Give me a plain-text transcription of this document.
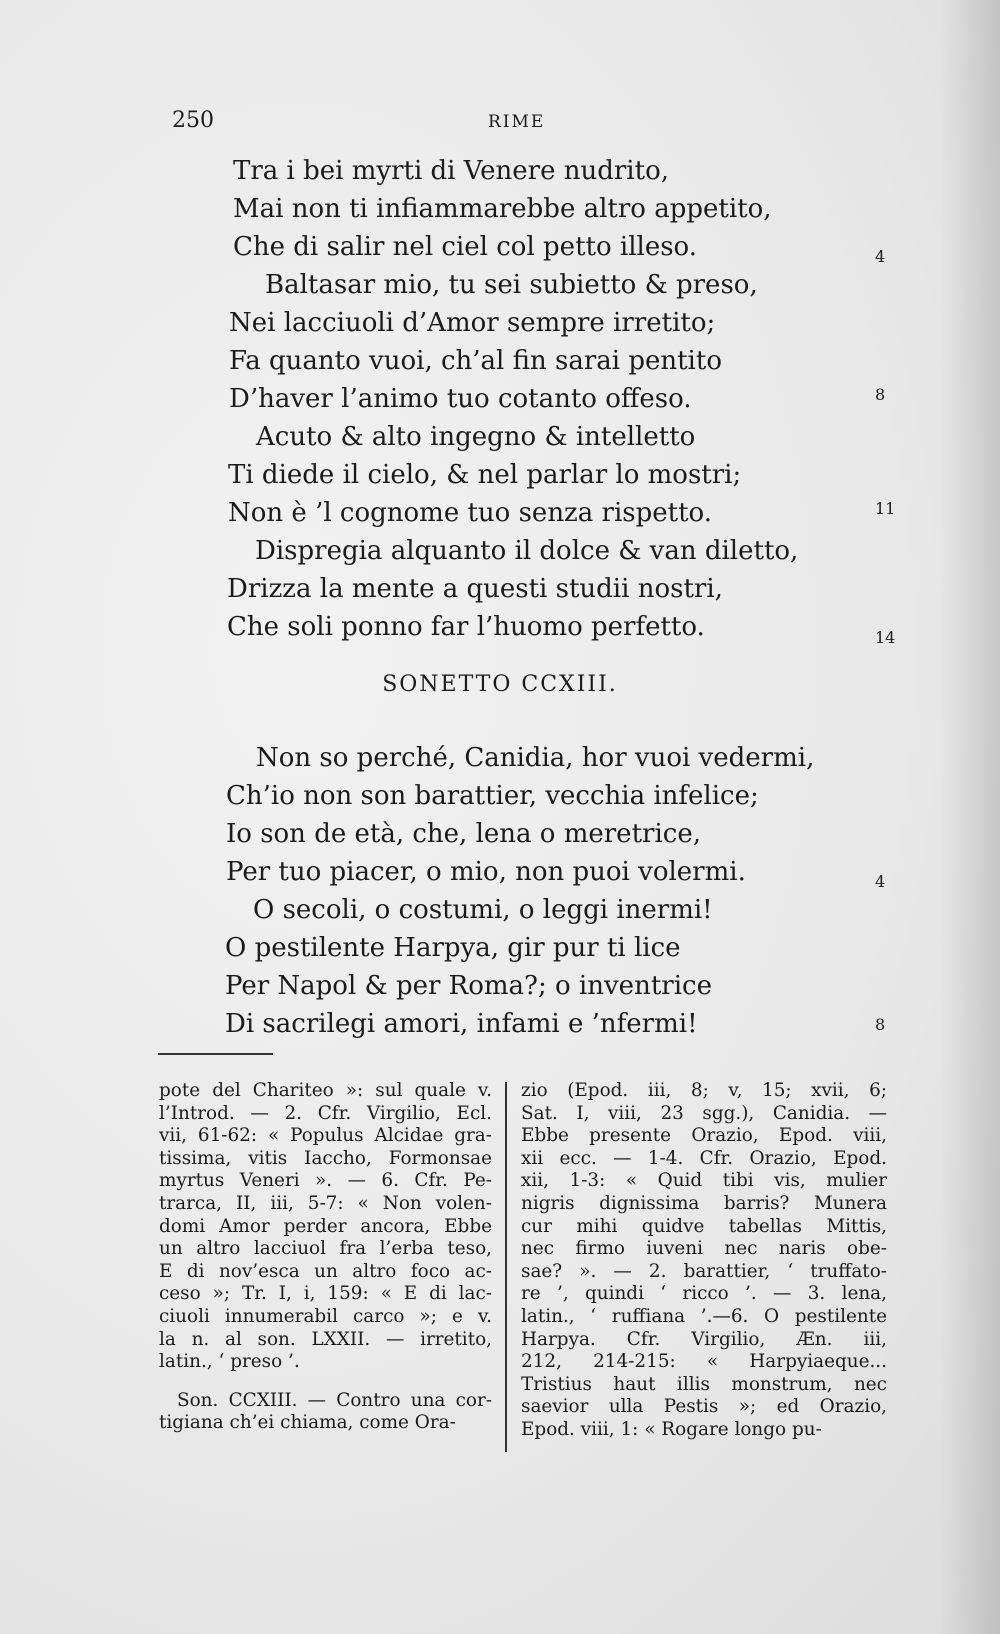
250	RIME
Tra i bei myrti di Venere nudrito,
Mai non ti infiammarebbe altro appetito,
Che di salir nel ciel col petto illeso.
Baltasar mio, tu sei subietto & preso,
Nei lacciuoli d’Amor sempre irretito;
Fa quanto vuoi, ch’al fin sarai pentito
D’haver l’animo tuo cotanto offeso.
Acuto & alto ingegno & intelletto
Ti diede il cielo, & nel parlar lo mostri;
Non è ’l cognome tuo senza rispetto.
Dispregia alquanto il dolce & van diletto,
Drizza la mente a questi studii nostri,
Che soli ponno far l’huomo perfetto.
4
8
11
14
SONETTO CCXIII.
Non so perché, Canidia, hor vuoi vedermi,
Ch’io non son barattier, vecchia infelice;
Io son de età, che, lena o meretrice,
Per tuo piacer, o mio, non puoi volermi.
O secoli, o costumi, o leggi inermi!
O pestilente Harpya, gir pur ti lice
Per Napol & per Roma?; o inventrice
Di sacrilegi amori, infami e ’nfermi!
4
8
pote del Chariteo »: sul quale v.
l’Introd. — 2. Cfr. Virgilio, Ecl.
vii, 61-62: « Populus Alcidae gra-
tissima, vitis Iaccho, Formonsae
myrtus Veneri ». — 6. Cfr. Pe-
trarca, II, iii, 5-7: « Non volen-
domi Amor perder ancora, Ebbe
un altro lacciuol fra l’erba teso,
E di nov’esca un altro foco ac-
ceso »; Tr. I, i, 159: « E di lac-
ciuoli innumerabil carco »; e v.
la n. al son. LXXII. — irretito,
latin., ‘ preso ’.
Son. CCXIII. — Contro una cor-
tigiana ch’ei chiama, come Ora-
zio (Epod. iii, 8; v, 15; xvii, 6;
Sat. I, viii, 23 sgg.), Canidia. —
Ebbe presente Orazio, Epod. viii,
xii ecc. — 1-4. Cfr. Orazio, Epod.
xii, 1-3: « Quid tibi vis, mulier
nigris dignissima barris? Munera
cur mihi quidve tabellas Mittis,
nec firmo iuveni nec naris obe-
sae? ». — 2. barattier, ‘ truffato-
re ’, quindi ‘ ricco ’. — 3. lena,
latin., ‘ ruffiana ’.—6. O pestilente
Harpya. Cfr. Virgilio, Æn. iii,
212, 214-215: « Harpyiaeque...
Tristius haut illis monstrum, nec
saevior ulla Pestis »; ed Orazio,
Epod. viii, 1: « Rogare longo pu-
